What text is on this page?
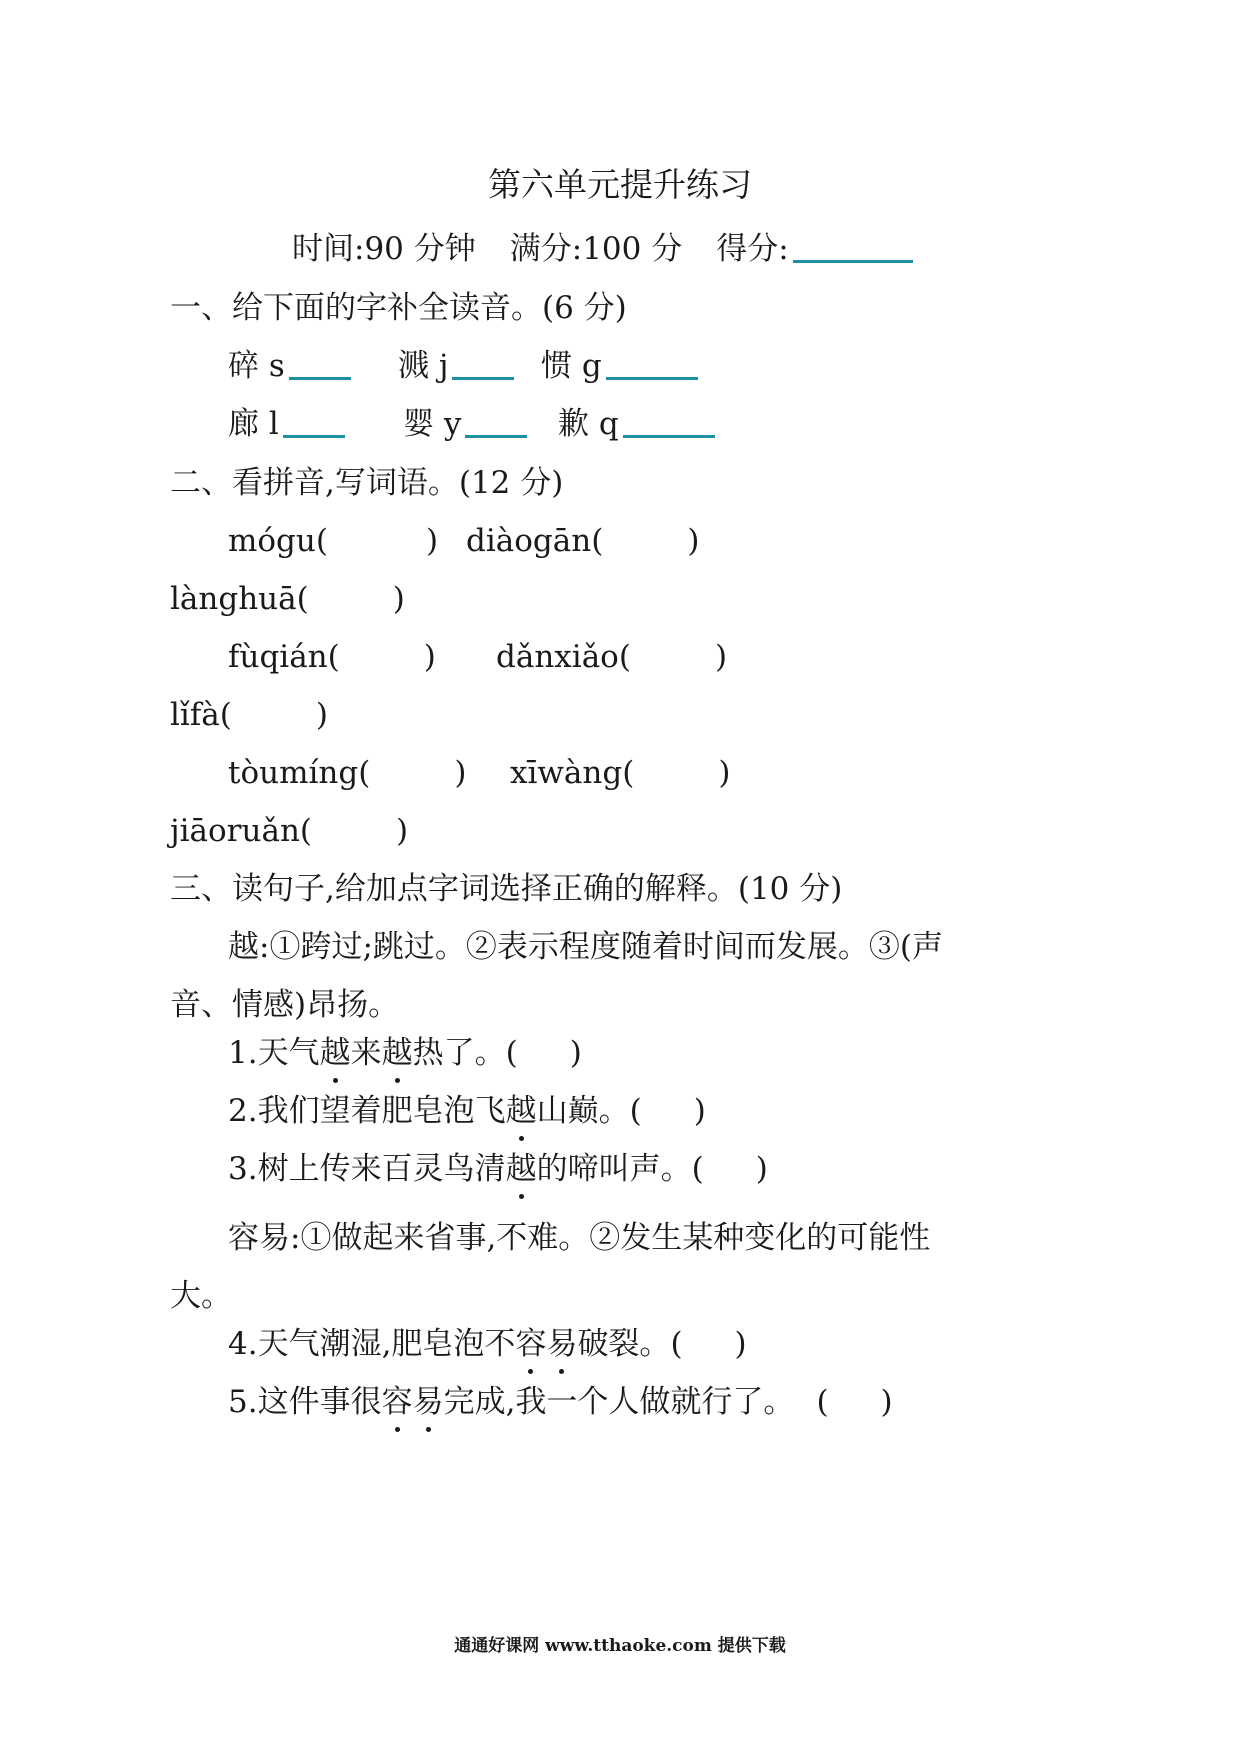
第六单元提升练习
时间:90 分钟 满分:100 分 得分:
一、给下面的字补全读音。(6 分)
碎 s	溅 j	惯 g
廊 l	婴 y	歉 q
二、看拼音,写词语。(12 分)
mógu(	) diàogān(	)
lànghuā(	)
fùqián(	) dǎnxiǎo(	)
lǐfà(	)
tòumíng(	) xīwàng(	)
jiāoruǎn(	)
三、读句子,给加点字词选择正确的解释。(10 分)
越:①跨过;跳过。②表示程度随着时间而发展。③(声
音、情感)昂扬。
1.天气越来越热了。( )
2.我们望着肥皂泡飞越山巅。( )
3.树上传来百灵鸟清越的啼叫声。( )
容易:①做起来省事,不难。②发生某种变化的可能性
大。
4.天气潮湿,肥皂泡不容易破裂。( )
5.这件事很容易完成,我一个人做就行了。 ( )
通通好课网 www.tthaoke.com 提供下载
